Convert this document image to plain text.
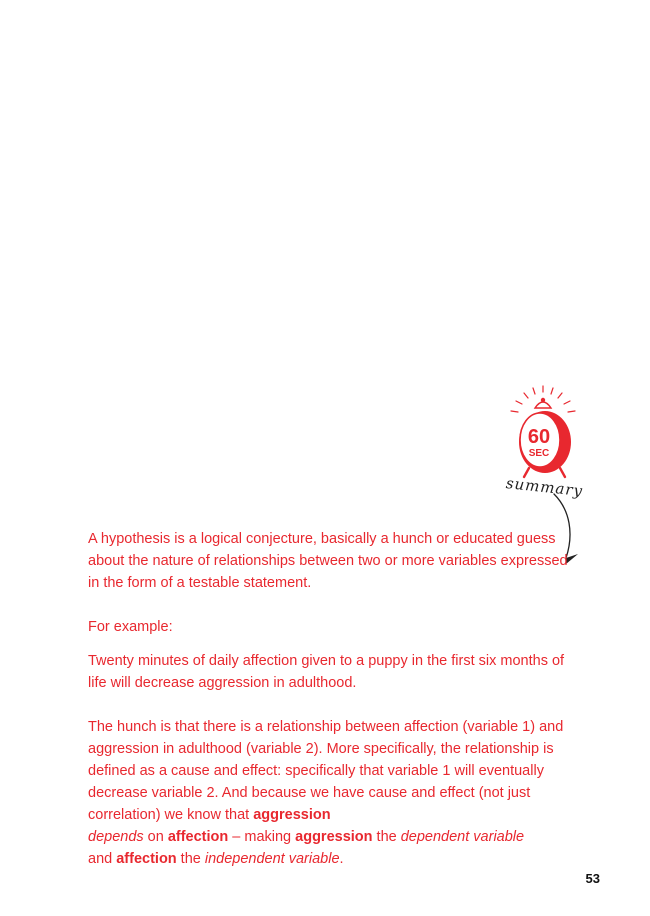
60
SEC
summary

A hypothesis is a logical conjecture, basically a hunch or educated guess about the nature of relationships between two or more variables expressed in the form of a testable statement.

For example:

Twenty minutes of daily affection given to a puppy in the first six months of life will decrease aggression in adulthood.

The hunch is that there is a relationship between affection (variable 1) and aggression in adulthood (variable 2). More specifically, the relationship is defined as a cause and effect: specifically that variable 1 will eventually decrease variable 2. And because we have cause and effect (not just correlation) we know that aggression
depends on affection – making aggression the dependent variable
and affection the independent variable.

53
